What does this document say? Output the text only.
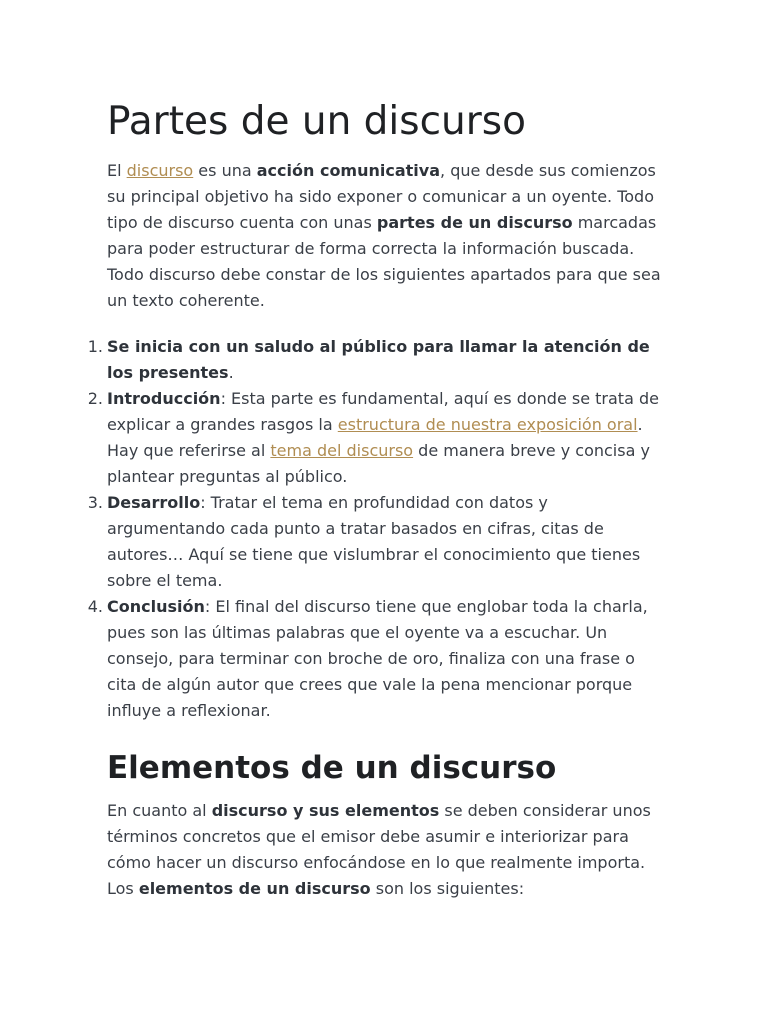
Partes de un discurso

El discurso es una acción comunicativa, que desde sus comienzos su principal objetivo ha sido exponer o comunicar a un oyente. Todo tipo de discurso cuenta con unas partes de un discurso marcadas para poder estructurar de forma correcta la información buscada. Todo discurso debe constar de los siguientes apartados para que sea un texto coherente.

1. Se inicia con un saludo al público para llamar la atención de los presentes.
2. Introducción: Esta parte es fundamental, aquí es donde se trata de explicar a grandes rasgos la estructura de nuestra exposición oral. Hay que referirse al tema del discurso de manera breve y concisa y plantear preguntas al público.
3. Desarrollo: Tratar el tema en profundidad con datos y argumentando cada punto a tratar basados en cifras, citas de autores… Aquí se tiene que vislumbrar el conocimiento que tienes sobre el tema.
4. Conclusión: El final del discurso tiene que englobar toda la charla, pues son las últimas palabras que el oyente va a escuchar. Un consejo, para terminar con broche de oro, finaliza con una frase o cita de algún autor que crees que vale la pena mencionar porque influye a reflexionar.
Elementos de un discurso

En cuanto al discurso y sus elementos se deben considerar unos términos concretos que el emisor debe asumir e interiorizar para cómo hacer un discurso enfocándose en lo que realmente importa. Los elementos de un discurso son los siguientes:
